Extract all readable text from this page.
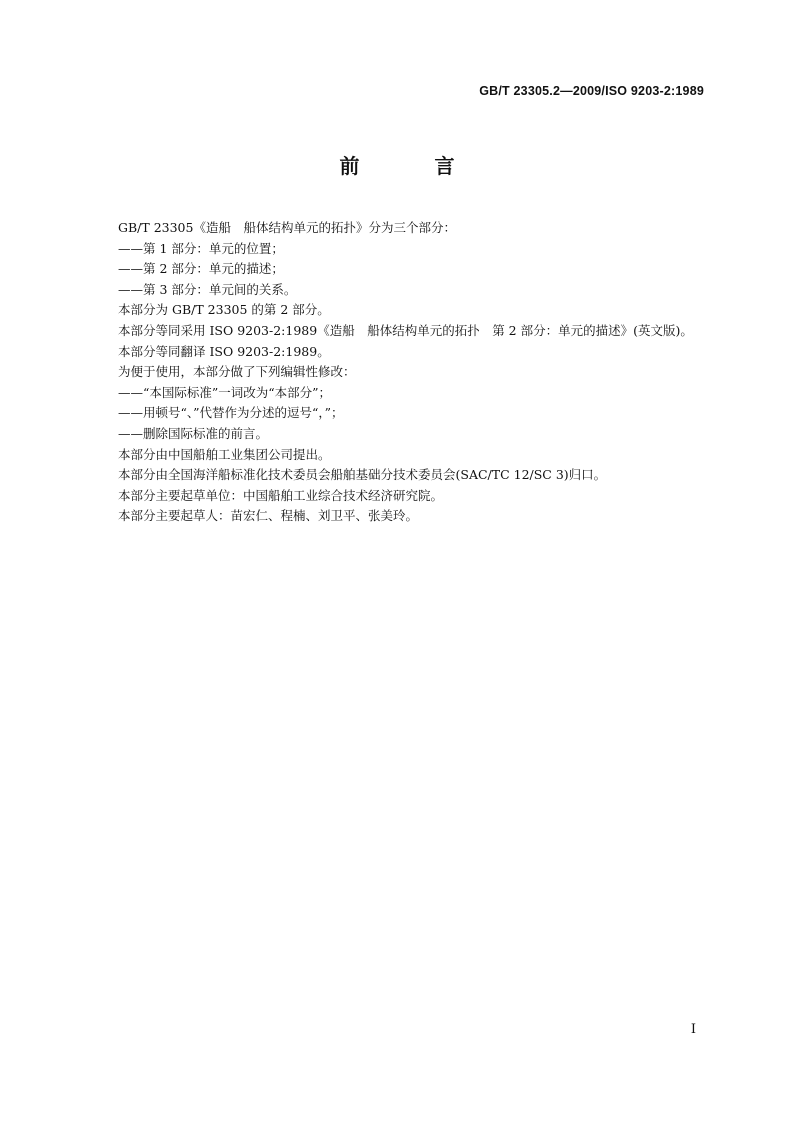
GB/T 23305.2—2009/ISO 9203-2:1989
前 言
GB/T 23305《造船　船体结构单元的拓扑》分为三个部分：
——第 1 部分：单元的位置；
——第 2 部分：单元的描述；
——第 3 部分：单元间的关系。
本部分为 GB/T 23305 的第 2 部分。
本部分等同采用 ISO 9203-2:1989《造船　船体结构单元的拓扑　第 2 部分：单元的描述》(英文版)。
本部分等同翻译 ISO 9203-2:1989。
为便于使用，本部分做了下列编辑性修改：
——“本国际标准”一词改为“本部分”；
——用顿号“、”代替作为分述的逗号“，”；
——删除国际标准的前言。
本部分由中国船舶工业集团公司提出。
本部分由全国海洋船标准化技术委员会船舶基础分技术委员会(SAC/TC 12/SC 3)归口。
本部分主要起草单位：中国船舶工业综合技术经济研究院。
本部分主要起草人：苗宏仁、程楠、刘卫平、张美玲。
I
